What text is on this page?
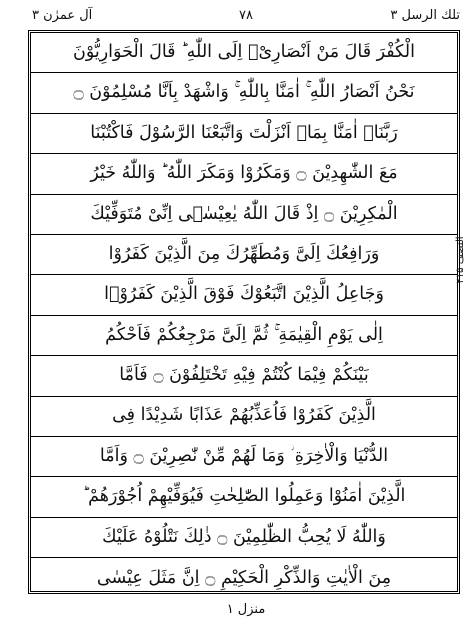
آل عمرٰن ۳	۷۸	تلك الرسل ۳
الْكُفْرَ قَالَ مَنْ اَنْصَارِیْۤ اِلَى اللّٰهِ ؕ قَالَ الْحَوَارِیُّوْنَ
نَحْنُ اَنْصَارُ اللّٰهِ ۚ اٰمَنَّا بِاللّٰهِ ۚ وَاشْهَدْ بِاَنَّا مُسْلِمُوْنَ ۝
رَبَّنَاۤ اٰمَنَّا بِمَاۤ اَنْزَلْتَ وَاتَّبَعْنَا الرَّسُوْلَ فَاكْتُبْنَا
مَعَ الشّٰهِدِیْنَ ۝ وَمَكَرُوْا وَمَكَرَ اللّٰهُ ؕ وَاللّٰهُ خَیْرُ
الْمٰكِرِیْنَ ۝ اِذْ قَالَ اللّٰهُ یٰعِیْسٰۤى اِنِّیْ مُتَوَفِّیْكَ
وَرَافِعُكَ اِلَیَّ وَمُطَهِّرُكَ مِنَ الَّذِیْنَ كَفَرُوْا
وَجَاعِلُ الَّذِیْنَ اتَّبَعُوْكَ فَوْقَ الَّذِیْنَ كَفَرُوْۤا
اِلٰى یَوْمِ الْقِیٰمَةِ ۚ ثُمَّ اِلَیَّ مَرْجِعُكُمْ فَاَحْكُمُ
بَیْنَكُمْ فِیْمَا كُنْتُمْ فِیْهِ تَخْتَلِفُوْنَ ۝ فَاَمَّا
الَّذِیْنَ كَفَرُوْا فَاُعَذِّبُهُمْ عَذَابًا شَدِیْدًا فِی
الدُّنْیَا وَالْاٰخِرَةِ ؗ وَمَا لَهُمْ مِّنْ نّٰصِرِیْنَ ۝ وَاَمَّا
الَّذِیْنَ اٰمَنُوْا وَعَمِلُوا الصّٰلِحٰتِ فَیُوَفِّیْهِمْ اُجُوْرَهُمْ ؕ
وَاللّٰهُ لَا یُحِبُّ الظّٰلِمِیْنَ ۝ ذٰلِكَ نَتْلُوْهُ عَلَیْكَ
مِنَ الْاٰیٰتِ وَالذِّكْرِ الْحَكِیْمِ ۝ اِنَّ مَثَلَ عِیْسٰى
النصف ۲۱۵
منزل ۱
